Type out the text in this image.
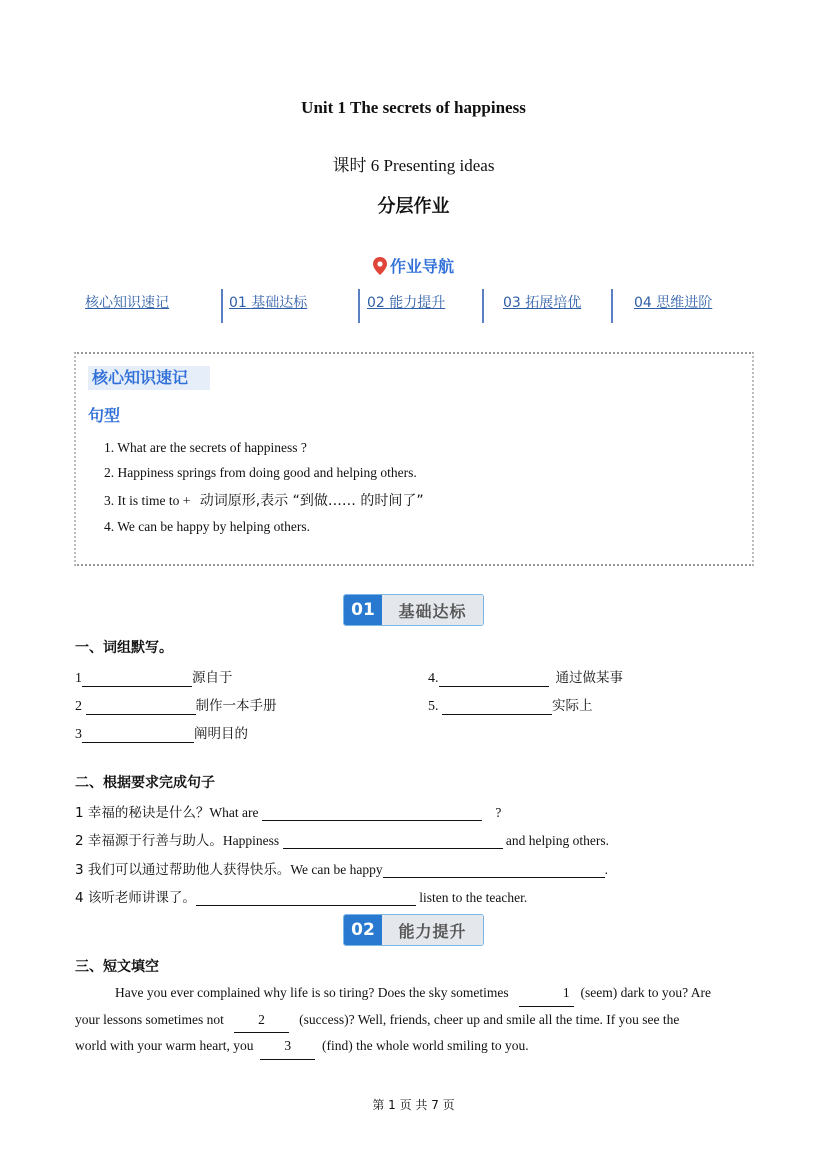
Unit 1 The secrets of happiness
课时 6 Presenting ideas
分层作业
作业导航
核心知识速记	01 基础达标	02 能力提升	03 拓展培优	04 思维进阶
核心知识速记
句型
1. What are the secrets of happiness ?
2. Happiness springs from doing good and helping others.
3. It is time to + 动词原形,表示 “到做…… 的时间了”
4. We can be happy by helping others.
01	基础达标
一、词组默写。
1	源自于
2	制作一本手册
3	阐明目的
4.	通过做某事
5.	实际上
二、根据要求完成句子
1 幸福的秘诀是什么？What are	?
2 幸福源于行善与助人。Happiness	and helping others.
3 我们可以通过帮助他人获得快乐。We can be happy	.
4 该听老师讲课了。	listen to the teacher.
02	能力提升
三、短文填空
Have you ever complained why life is so tiring? Does the sky sometimes	1 (seem) dark to you? Are
your lessons sometimes not	2	(success)? Well, friends, cheer up and smile all the time. If you see the
world with your warm heart, you 3 (find) the whole world smiling to you.
第 1 页 共 7 页
